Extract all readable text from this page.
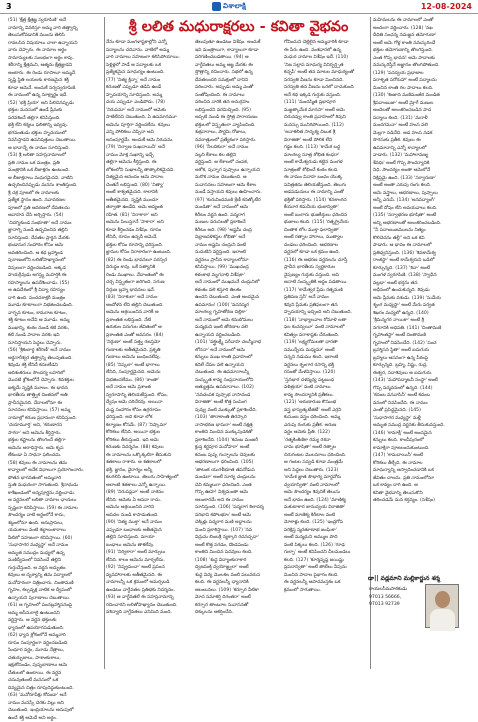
3	విశాలాక్షి	12-08-2024
శ్రీ లలిత మధురాక్షరలు - కవితా వైభవం
(51) 'క్షేత్ర క్షేత్రజ్ఞ స్వరూపిణి' అనే
నామాన్ని వివరిస్తూ అమ్మ వారి తత్త్వాన్ని
తెలుసుకోవడానికి ముందు తెలిసి
రావలసిన విషయాలు చాలా ఉన్నాయని
వారు చెప్పారు. ఈ నామాల అర్థం
సామాన్యులకు సులభంగా అర్థం కావు.
శరీరాన్ని క్షేత్రమని, ఆత్మను క్షేత్రజ్ఞుడని
అంటారు. ఈ రెండు రూపాలూ అమ్మవే.
సృష్టి స్థితి లయలకు కారణమైన శక్తి
కూడా ఆమెనే. అందుకే సర్వస్వరూపిణి.
ఈ నామంలో ఉన్న సూక్ష్మార్థం ఇదే.
(52) 'భక్తి ప్రియా' అని పిలిచినప్పుడు
భక్తుల మనసులో ఉండే ప్రేమకు
పరవశించే తల్లిగా కనిపిస్తుంది.
భక్తి లేని కర్మలు ఫలితాన్ని ఇవ్వవు.
భగవంతుడు భక్తుల హృదయంలో
నివసిస్తాడని ఉపనిషత్తులు చెబుతాయి.
ఆ భావాన్నే ఈ నామం సూచిస్తుంది.
(53) శ్రీ లలితా సహస్రనామాలలో
ప్రతి నామం ఒక మంత్రం. ప్రతి
మంత్రానికి ఒక బీజాక్షరం ఉంటుంది.
ఆ బీజాక్షరాలు మధురమైనవి. వాటిని
ఉచ్చరించినప్పుడు మనసు శాంతిస్తుంది.
శ్రీ చక్ర పూజలో ఈ నామాలకు
ప్రత్యేక స్థానం ఉంది. నవావరణల
పూజలో ప్రతి ఆవరణలో దేవతలను
ఆవాహన చేసి అర్చిస్తారు. (54)
'చిదగ్నికుండ సంభూతా' అనే నామం
జ్ఞానాగ్ని నుండి ఉద్భవించిన తల్లిని
సూచిస్తుంది. దేవతల ప్రార్థన మేరకు
భండాసుర సంహారం కోసం ఆమె
అవతరించింది. ఆ కథ బ్రహ్మాండ
పురాణంలోని లలితోపాఖ్యానంలో
విపులంగా వర్ణించబడింది. అక్కడ
హయగ్రీవుడు అగస్త్య మహర్షికి ఈ
రహస్యాలను ఉపదేశించాడు. (55)
ఆ ఉపదేశంలో శ్రీ విద్యా రహస్యం
దాగి ఉంది. పంచదశాక్షరీ మంత్రం
మూడు కూటాలుగా విభజించబడింది.
వాగ్భవ కూటం, కామరాజ కూటం,
శక్తి కూటం అనేవి ఆ మూడు. అమ్మ
ముఖాన్ని, కంఠం నుండి కటి వరకు,
కటి నుండి పాదాల వరకు ఇవి
సూచిస్తాయని పెద్దలు చెప్పారు.
(56) 'శ్రీకంఠార్ధ శరీరిణీ' అనే నామం
అర్ధనారీశ్వర తత్త్వాన్ని తెలుపుతుంది.
శివుడు శక్తి లేనిదే కదలలేడని
ఆదిశంకరులు సౌందర్య లహరిలో
మొదటి శ్లోకంలోనే చెప్పారు. శివశక్తుల
ఐక్యమే సృష్టికి మూలం. ఈ భావన
భారతీయ తాత్త్విక చింతనలో అతి
ప్రాచీనమైనది. వేదాలలోనూ ఈ
సూచనలు కనిపిస్తాయి. (57) అమ్మ
నామాల్లో కరుణ ప్రధానంగా కనిపిస్తుంది.
'దయామూర్తి' అని, 'కరుణారస
సాగరా' అని ఆమెను కీర్తిస్తారు.
భక్తుల కష్టాలను తొలగించే తల్లిగా
ఆమెను ఆరాధిస్తారు. ఆమె కృప
లేకుండా ఏ సాధనా ఫలించదు.
(58) కవులు ఈ నామాలను తమ
కావ్యాలలో అనేక విధాలుగా ప్రయోగించారు.
పోతన భాగవతంలో అమ్మవారి
స్తుతి మధురంగా సాగుతుంది. శ్రీనాథుడు
కాశీఖండంలో అన్నపూర్ణను వర్ణించాడు.
ఆ వర్ణనలలో లలితా నామాల ఛాయలు
స్పష్టంగా కనిపిస్తాయి. (59) ఈ నామాల
సౌందర్యం వాటి అర్థంలోనే కాదు,
శబ్దంలోనూ ఉంది. అనుప్రాసలు,
యమకాలు వంటి శబ్దాలంకారాలు
వీటిలో సహజంగా కనిపిస్తాయి. (60)
'సుధాసాగర మధ్యస్థా' అనే నామం
అమృత సముద్రం మధ్యలో ఉన్న
మణిద్వీపంలో నివసించే తల్లిని
గుర్తుచేస్తుంది. ఆ వర్ణన అద్భుతం.
కవులు ఆ దృశ్యాన్ని తమ పద్యాలలో
మనోహరంగా చిత్రించారు. చింతామణి
గృహం, కల్పవృక్ష వాటిక ఆ ద్వీపంలో
ఉన్నాయని పురాణాలు చెబుతాయి.
(61) ఆ గృహంలో పంచబ్రహ్మాసనంపై
అమ్మ ఆసీనురాలై ఉంటుందని
వర్ణిస్తారు. ఆ వర్ణన భక్తులకు
ధ్యానంలో ఉపయోగపడుతుంది.
(62) ధ్యాన శ్లోకంలోనే అమ్మవారి
రూపం సంపూర్ణంగా వర్ణించబడింది.
సింధూర వర్ణం, మూడు నేత్రాలు,
చతుర్భుజాలు, పాశాంకుశాలు,
ఇక్షుకోదండం, పుష్పబాణాలు ఆమె
చేతులలో ఉంటాయి. ఈ వర్ణన
చదువుతుంటే మనసులో ఒక
దివ్యమైన చిత్రం రూపుదిద్దుకుంటుంది.
(63) 'మనోరూపేక్షు కోదండా' అనే
నామం మనస్సే చెరకు విల్లు అని
చెబుతుంది. ఇంద్రియాలను అదుపులో
ఉంచే శక్తి ఆమెదే అని అర్థం.
నేను కూడా మంగళాష్టకాల్లోని ఎన్నో
పద్యాలను చదివాను. వాటిలో అమ్మ
వారి నామాలు సహజంగా కలిసిపోయాయి.
పెళ్లిళ్లలో పాడే ఆ పద్యాలకు ఒక
ప్రత్యేకమైన మాధుర్యం ఉంటుంది.
(77) 'నిత్య క్లిన్నా' అనే నామం
కరుణతో ఎప్పుడూ తడిసి ఉండే
హృదయాన్ని సూచిస్తుంది. అమ్మ
దయ ఎప్పుడూ ఎండిపోదు. (78)
'నిరుపమా' అనే నామంలో ఆమెకు
సాటిలేదని చెబుతుంది. ఏ ఉపమానమూ
ఆమెను పూర్తిగా వర్ణించలేదు. కవులు
ఎన్ని పోలికలు చెప్పినా అవి
అసంపూర్ణమే. అందుకే ఆమె నిరుపమ.
(79) 'నిర్వాణ సుఖదాయినీ' అనే
నామం మోక్ష సుఖాన్ని ఇచ్చే
తల్లిగా ఆమెను కీర్తిస్తుంది. ఈ
లోకంలోని సుఖాలన్నీ తాత్కాలికమైనవి.
నిత్యమైన ఆనందం ఆమె పాదాల
చెంతనే లభిస్తుంది. (80) 'నిత్యా'
అంటే శాశ్వతమైనది. కాలానికి
అతీతమైనది. సృష్టికి ముందూ
తర్వాతా ఉండేది. ఆమె ఆద్యంత
రహిత. (81) 'నిరాకారా' అని
ఆమెను పిలుస్తూనే 'సాకారా' అని
కూడా కీర్తించడం విశేషం. రూపం
లేనిదీ, రూపం ఉన్నదీ ఆమెనే.
భక్తుల కోసం రూపాన్ని ధరిస్తుంది.
జ్ఞానుల కోసం నిరాకారంగా ఉంటుంది.
(82) ఈ రెండు భావనలూ పరస్పర
విరుద్ధం కావు. ఒకే సత్యానికి
రెండు ముఖాలు. వేదాంతంలో ఈ
చర్చ విస్తృతంగా జరిగింది. సగుణ
నిర్గుణ బ్రహ్మ భావనలు ఇవే.
(83) 'నిరాకులా' అనే నామం
ఆందోళన లేని తల్లిని చెబుతుంది.
ఆమెను ఆశ్రయించిన వారికీ ఆ
ప్రశాంతత లభిస్తుంది. నేటి
ఉరుకుల పరుగుల జీవితంలో ఆ
ప్రశాంతత ఎంతో అవసరం. (84)
'నిర్గుణా' అంటే సత్త్వ రజస్తమో
గుణాలకు అతీతమైనది. ప్రకృతి
గుణాలు ఆమెను బంధించలేవు.
(85) 'నిష్కలా' అంటే భాగాలు
లేనిది, సంపూర్ణమైనది. ఆమెను
విభజించలేము. (86) 'శాంతా'
అనే నామం ఆమె ప్రశాంత
స్వరూపాన్ని తెలియజేస్తుంది. కోపం,
ద్వేషం ఆమె దరిచేరవు. అయినా
దుష్ట సంహారం కోసం ఉగ్రరూపం
ధరిస్తుంది. అది కూడా లోక
కల్యాణం కోసమే. (87) 'నిష్కామా'
కోరికలు లేనిది. అయినా భక్తుల
కోరికలు తీరుస్తుంది. ఇది ఆమె
కరుణకు నిదర్శనం. (88) కవులు
ఈ నామాలను ఒక్కొక్కటిగా తీసుకుని
శతకాలు రాశారు. ఆ శతకాలలో
భక్తి, జ్ఞానం, వైరాగ్యం అన్నీ
కలగలిసి ఉంటాయి. తెలుగు సాహిత్యంలో
అలాంటి శతకాలు ఎన్నో ఉన్నాయి.
(89) 'నిరుపప్లవా' అంటే నాశనం
లేనిది. ఆమెకు ఏ ఆపదా రాదు.
ఆమెను ఆశ్రయించిన వారిని
ఆపదల నుండి కాపాడుతుంది.
(90) 'నిత్య ముక్తా' అనే నామం
ఎప్పుడూ బంధాలకు అతీతమైన
తల్లిని సూచిస్తుంది. మాయా
బంధాలు ఆమెను తాకలేవు.
(91) 'నిర్వికారా' అంటే మార్పులు
లేనిది. కాలం ఆమెను మార్చలేదు.
(92) 'నిష్ప్రపంచా' అంటే ప్రపంచ
వ్యవహారాలకు అతీతమైనది. ఈ
నామాలన్నీ ఒక క్రమంలో అమర్చబడి
ఉండటం వాగ్దేవతల ప్రతిభకు నిదర్శనం.
(93) ఆ వాగ్దేవతలే ఈ సహస్రనామాన్ని
రచించారని లలితోపాఖ్యానం చెబుతుంది.
వశిన్యాది వాగ్దేవతలు ఎనిమిది మంది.
తెలుపుతూ ఉండటం విశేషం. అందుకే
ఇవి మంత్రాలుగా, కావ్యాలుగా కూడా
పరిగణించబడతాయి. (94) ఆ
వాగ్దేవతలు అమ్మ ఆజ్ఞ మేరకు ఈ
స్తోత్రాన్ని రచించారు. సభలో ఉన్న
దేవతలందరి సమక్షంలో దానిని
పఠించారు. అప్పుడు అమ్మ ఎంతో
సంతోషించింది. ఈ నామాలు
పఠించిన వారికి తన అనుగ్రహం
లభిస్తుందని వరమిచ్చింది. (95)
అప్పటి నుండి ఈ స్తోత్ర పారాయణం
భక్తులలో విస్తృతంగా వ్యాపించింది.
శుక్రవారాలు, పౌర్ణమి రోజులు,
నవరాత్రులలో ప్రత్యేకంగా పఠిస్తారు.
(96) 'నీలచికురా' అనే నామం
నల్లని కేశాలు కల తల్లిని
వర్ణిస్తుంది. ఆ కేశాలలో చంపక,
అశోక, పున్నాగ పుష్పాలు ఉన్నాయని
మరొక నామం చెబుతుంది. ఆ
సువాసనలు సహజంగా ఆమె కేశాల
నుండే వస్తాయని కవులు ఊహించారు.
(97) 'కురువిందమణి శ్రేణీ కనత్కోటీర
మండితా' అనే నామంలో ఆమె
కిరీటం వర్ణన ఉంది. పద్మరాగ
మణుల వరుసలతో ప్రకాశించే
కిరీటం అది. (98) 'అష్టమీ చంద్ర
విభ్రాజదళికస్థల శోభితా' అనే
నామం అష్టమి చంద్రుని వంటి
నుదుటిని వర్ణిస్తుంది. ఇలాంటి
వర్ణనలు ప్రాచీన కావ్యాలలోనూ
కనిపిస్తాయి. (99) 'ముఖచంద్ర
కళంకాభ మృగనాభి విశేషకా'
అనే నామంలో ముఖమనే చంద్రునిలో
కళంకం వలె కస్తూరి తిలకం
ఉందని చెబుతుంది. ఎంత అందమైన
ఉపమానం! (100) 'వదనస్మర
మాంగల్య గృహతోరణ చిల్లికా'
అనే నామంలో ఆమె కనుబొమలు
మన్మథుని ఇంటి తోరణాల వలె
ఉన్నాయని వర్ణించబడింది.
(101) 'వక్త్రలక్ష్మీ పరీవాహ చలన్మీనాభ
లోచనా' అనే నామంలో ఆమె
కన్నులు ముఖ కాంతి ప్రవాహంలో
కదిలే చేపల వలె ఉన్నాయని
చెబుతుంది. ఈ ఉపమానాలన్నీ
సంస్కృత కావ్య సంప్రదాయంలోని
అత్యుత్తమ ఉపమానాలు. (102)
'నవచంపక పుష్పాభ నాసాదండ
విరాజితా' అంటే కొత్త సంపెంగ
పువ్వు వంటి ముక్కుతో ప్రకాశించేది.
(103) 'తారాకాంతి తిరస్కారి
నాసాభరణ భాసురా' అంటే నక్షత్ర
కాంతిని మించిన ముక్కుపుడకతో
ప్రకాశించేది. (104) 'కదంబ మంజరీ
క్లుప్త కర్ణపూర మనోహరా' అంటే
కదంబ పుష్ప గుచ్ఛాలను చెవులకు
ఆభరణాలుగా ధరించింది. (105)
'తాటంక యుగళీభూత తపనోడుప
మండలా' అంటే సూర్య చంద్రులను
చెవి కమ్మలుగా ధరించింది. ఎంత
గొప్ప ఊహ! విశ్వమంతా ఆమె
అలంకారమే అని ఈ నామం
సూచిస్తుంది. (106) 'పద్మరాగ శిలాదర్శ
పరిభావి కపోలభూః' అంటే ఆమె
చెక్కిళ్లు పద్మరాగ మణి అద్దాలను
మించి ప్రకాశిస్తాయి. (107) 'నవ
విద్రుమ బింబశ్రీ న్యక్కారి రదనచ్ఛదా'
అంటే కొత్త పగడం, దొండపండు
కాంతిని మించిన పెదవులు కలది.
(108) 'శుద్ధ విద్యాంకురాకార
ద్విజపంక్తి ద్వయోజ్జ్వలా' అంటే
శుద్ధ విద్య మొలకల వంటి పలువరుస
కలది. ఈ వర్ణనలన్నీ ధ్యానానికి
ఆలంబనలు. (109) 'కర్పూర వీటికా
మోద సమాకర్షి దిగంతరా' అంటే
కర్పూర తాంబూల సువాసనతో
దిక్కులను ఆకర్షించేది.
గోవిందుని చెల్లెలైన అమ్మవారికి కూడా
ఈ పేరు ఉంది. వంశధారలో ఉన్న
మధుర నామాల విశేషం ఇదే. (110)
'నిజ సల్లాప మాధుర్య వినిర్భర్త్సిత
కచ్ఛపీ' అంటే తన మాటల మాధుర్యంతో
సరస్వతి వీణను కూడా మించినది.
సరస్వతి తన వీణను ఒరలో దాచుకుంది
అనే కథ ఇక్కడ గుర్తుకు వస్తుంది.
(111) 'మందస్మిత ప్రభాపూర
మజ్జత్కామేశ మానసా' అంటే ఆమె
చిరునవ్వు కాంతి ప్రవాహంలో శివుని
మనస్సు మునిగిపోయింది. (112)
'అనాకలిత సాదృశ్య చిబుక శ్రీ
విరాజితా' అంటే పోలిక లేని
గడ్డం కలది. (113) 'కామేశ బద్ధ
మాంగల్య సూత్ర శోభిత కంధరా'
అంటే కామేశ్వరుడు కట్టిన మంగళ
సూత్రంతో శోభించే కంఠం కలది.
ఈ నామం వివాహ బంధం యొక్క
పవిత్రతను తెలియజేస్తుంది. తెలుగు
ఆడపడుచులు ఈ నామాన్ని ఎంతో
భక్తితో పఠిస్తారు. (114) 'కనకాంగద
కేయూర కమనీయ భుజాన్వితా'
అంటే బంగారు భుజకీర్తులు ధరించిన
భుజాలు కలది. (115) 'రత్నగ్రైవేయ
చింతాక లోల ముక్తా ఫలాన్వితా'
అంటే రత్నాల హారాలు, ముత్యాల
దండలు ధరించింది. ఆభరణాల
వర్ణనలో కూడా ఒక క్రమం ఉంది.
(116) ఈ ఆభరణ వర్ణనలను చూస్తే
ప్రాచీన భారతీయ స్వర్ణకారుల
నైపుణ్యం గుర్తుకు వస్తుంది. అవి
ఆనాటి సంస్కృతికి అద్దం పడతాయి.
(117) 'కామేశ్వర ప్రేమ రత్నమణి
ప్రతిపణ స్తనీ' అనే నామం
శివుని ప్రేమకు ప్రతిఫలంగా తన
హృదయాన్ని ఇచ్చింది అని చెబుతుంది.
(118) 'నాభ్యాలవాల రోమాళి లతా
ఫల కుచద్వయీ' వంటి నామాలలో
కవిత్వం పరాకాష్ఠకు చేరుతుంది.
(119) 'లక్ష్యరోమలతా ధారతా
సమున్నేయ మధ్యమా' అంటే
సన్నని నడుము కలది. ఇలాంటి
వర్ణనలు శృంగార రసాన్ని భక్తి
రసంతో మేళవిస్తాయి. (120)
'స్తనభార దళన్మధ్య పట్టబంధ
వళిత్రయా' వంటి నామాలు
కావ్య సౌందర్యానికి ప్రతీకలు.
(121) 'అరుణారుణ కౌసుంభ
వస్త్ర భాస్వత్కటీతటీ' అంటే ఎర్రని
కుసుంబ వస్త్రం ధరించింది. అమ్మ
ఎరుపు రంగుకు ప్రతీక. అరుణ
వర్ణం ఆమెకు ప్రీతి. (122)
'రత్నకింకిణికా రమ్య రశనా
దామ భూషితా' అంటే రత్నాల
చిరుగంటల మొలనూలు ధరించింది.
ఆ గంటల సవ్వడి కూడా మంత్రమే
అని పెద్దలు చెబుతారు. (123)
'కామేశ జ్ఞాత సౌభాగ్య మార్దవోరు
ద్వయాన్వితా' వంటి నామాలలో
ఆమె సౌందర్యం శివునికే తెలుసు
అనే భావం ఉంది. (124) 'మాణిక్య
మకుటాకార జానుద్వయ విరాజితా'
అంటే మాణిక్య కిరీటాల వంటి
మోకాళ్లు కలది. (125) 'ఇంద్రగోప
పరిక్షిప్త స్మరతూణాభ జంఘికా'
అంటే మన్మథుని అమ్ముల పొది
వంటి పిక్కలు కలది. (126) 'గూఢ
గుల్ఫా' అంటే కనిపించని చీలమండలు
కలది. (127) 'కూర్మపృష్ఠ జయిష్ణు
ప్రపదాన్వితా' అంటే తాబేలు వీపును
మించిన పాదాల పైభాగం కలది.
ఈ వర్ణనలన్నీ ఆపాదమస్తకం ఒక
క్రమంలో సాగుతాయి.
మహిమలను ఈ నామాలలో ఎంతో
అందంగా వర్ణించారు. (128) 'నఖ
దీధితి సంఛన్న నమజ్జన తమోగుణా'
అంటే ఆమె గోళ్ల కాంతి నమస్కరించే
భక్తుల తమోగుణాన్ని తొలగిస్తుంది.
ఎంత గొప్ప భావన! ఆమె పాదాలకు
నమస్కరిస్తేనే అజ్ఞానం తొలగిపోతుంది.
(129) 'పదద్వయ ప్రభాజాల
పరాకృత సరోరుహా' అంటే పద్మాలను
మించిన కాంతి గల పాదాలు కలది.
(130) 'శింజాన మణిమంజీర మండిత
శ్రీపదాంబుజా' అంటే మ్రోగే మణుల
అందెలతో అలంకరించబడిన పాద
పద్మాలు కలది. (131) 'మరాళీ
మందగమనా' అంటే హంస వలె
మెల్లగా నడిచేది. ఆడ హంస నడక
సొగసుకు ప్రతీక. కవులు ఈ
ఉపమానాన్ని ఎన్నో కావ్యాలలో
వాడారు. (132) 'మహాలావణ్య
శేవధిః' అంటే గొప్ప సౌందర్యానికి
నిధి. సౌందర్యం అంతా ఆమెలోనే
నిక్షిప్తమై ఉంది. (133) 'సర్వారుణా'
అంటే అంతా ఎరుపు రంగు కలది.
ఆమె వస్త్రాలు, ఆభరణాలు, పుష్పాలు
అన్నీ ఎరుపే. (134) 'అనవద్యాంగీ'
అంటే దోషం లేని అవయవాలు కలది.
(135) 'సర్వాభరణ భూషితా' అంటే
అన్ని ఆభరణాలతో అలంకరించబడింది.
"నీ పదాంబుజములను నిత్యం
కొలిచెదను తల్లీ" అని ఒక కవి
పాడారు. ఆ భావం ఈ నామాలలో
ప్రతిధ్వనిస్తుంది. (136) 'శివకామేశ్వ
రాంకస్థా' అంటే కామేశ్వరుని ఒడిలో
కూర్చున్నది. (137) 'శివా' అంటే
మంగళ స్వరూపిణి. (138) 'స్వాధీన
వల్లభా' అంటే భర్తను తన
అధీనంలో ఉంచుకున్నది. శివుడు
ఆమె ప్రేమకు వశుడు. (139) 'సుమేరు
శృంగ మధ్యస్థా' అంటే మేరు పర్వత
శిఖరం మధ్యలో ఉన్నది. (140)
'శ్రీమన్నగర నాయికా' అంటే శ్రీ
నగరానికి అధిపతి. (141) 'చింతామణి
గృహాంతస్థా' అంటే చింతామణి
గృహంలో నివసించేది. (142) 'పంచ
బ్రహ్మాసన స్థితా' అంటే ఐదుగురు
బ్రహ్మలు ఆసనంగా ఉన్న పీఠంపై
కూర్చున్నది. బ్రహ్మ, విష్ణు, రుద్ర,
ఈశ్వర, సదాశివులు ఆ ఐదుగురు.
(143) 'మహాపద్మాటవీ సంస్థా' అంటే
గొప్ప పద్మవనంలో ఉన్నది. (144)
'కదంబ వనవాసినీ' అంటే కదంబ
వనంలో నివసించేది. ఈ నామం
ఎంతో ప్రసిద్ధమైనది. (145)
'సుధాసాగర మధ్యస్థా' మళ్లీ
అమృత సముద్ర వర్ణనకు తీసుకువస్తుంది.
(146) 'కామాక్షీ' అంటే అందమైన
కన్నులు కలది. కాంచీపురంలో
కామాక్షిగా పూజలందుకుంటుంది.
(147) 'కామదాయినీ' అంటే
కోరికలు తీర్చేది. ఈ నామాల
మాధుర్యాన్ని ఆస్వాదించడానికి ఒక
జీవితం చాలదు. ప్రతి నామంలోనూ
ఒక కావ్యం దాగి ఉంది. ఆ
కవితా వైభవాన్ని తెలుసుకొని
తరించడమే మన కర్తవ్యం. (సశేషం)
డా|| వడ్లమాని మల్లికార్జున శర్మ
రాయలసీమపాఠకుడు
97013 56666,
97013 92739
